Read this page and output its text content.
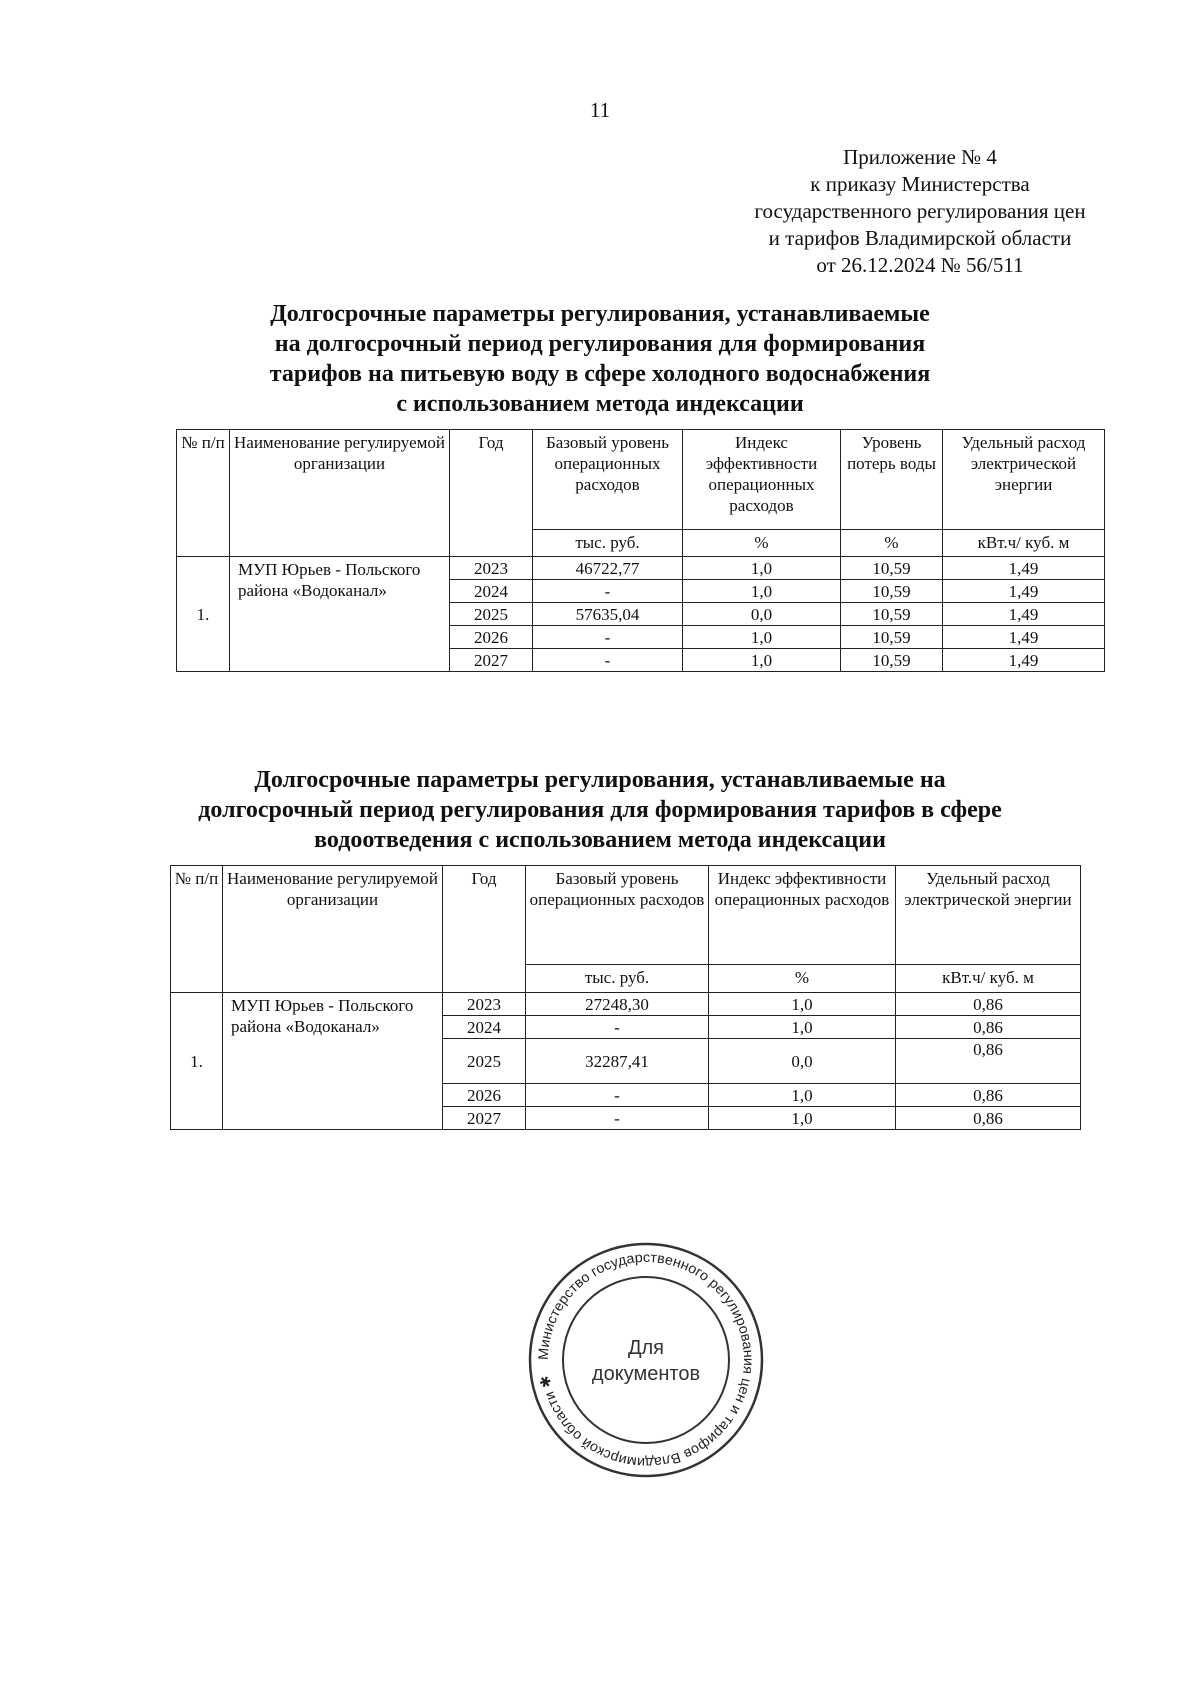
11
Приложение № 4
к приказу Министерства
государственного регулирования цен
и тарифов Владимирской области
от 26.12.2024 № 56/511
Долгосрочные параметры регулирования, устанавливаемые
на долгосрочный период регулирования для формирования
тарифов на питьевую воду в сфере холодного водоснабжения
с использованием метода индексации
№ п/п	Наименование регулируемой организации	Год	Базовый уровень операционных расходов	Индекс эффективности операционных расходов	Уровень потерь воды	Удельный расход электрической энергии
			тыс. руб.	%	%	кВт.ч/ куб. м
1.	МУП Юрьев - Польского района «Водоканал»	2023	46722,77	1,0	10,59	1,49
		2024	-	1,0	10,59	1,49
		2025	57635,04	0,0	10,59	1,49
		2026	-	1,0	10,59	1,49
		2027	-	1,0	10,59	1,49
Долгосрочные параметры регулирования, устанавливаемые на
долгосрочный период регулирования для формирования тарифов в сфере
водоотведения с использованием метода индексации
№ п/п	Наименование регулируемой организации	Год	Базовый уровень операционных расходов	Индекс эффективности операционных расходов	Удельный расход электрической энергии
			тыс. руб.	%	кВт.ч/ куб. м
1.	МУП Юрьев - Польского района «Водоканал»	2023	27248,30	1,0	0,86
		2024	-	1,0	0,86
		2025	32287,41	0,0	0,86
		2026	-	1,0	0,86
		2027	-	1,0	0,86
Министерство государственного регулирования цен и тарифов Владимирской области ✱
Для
документов
